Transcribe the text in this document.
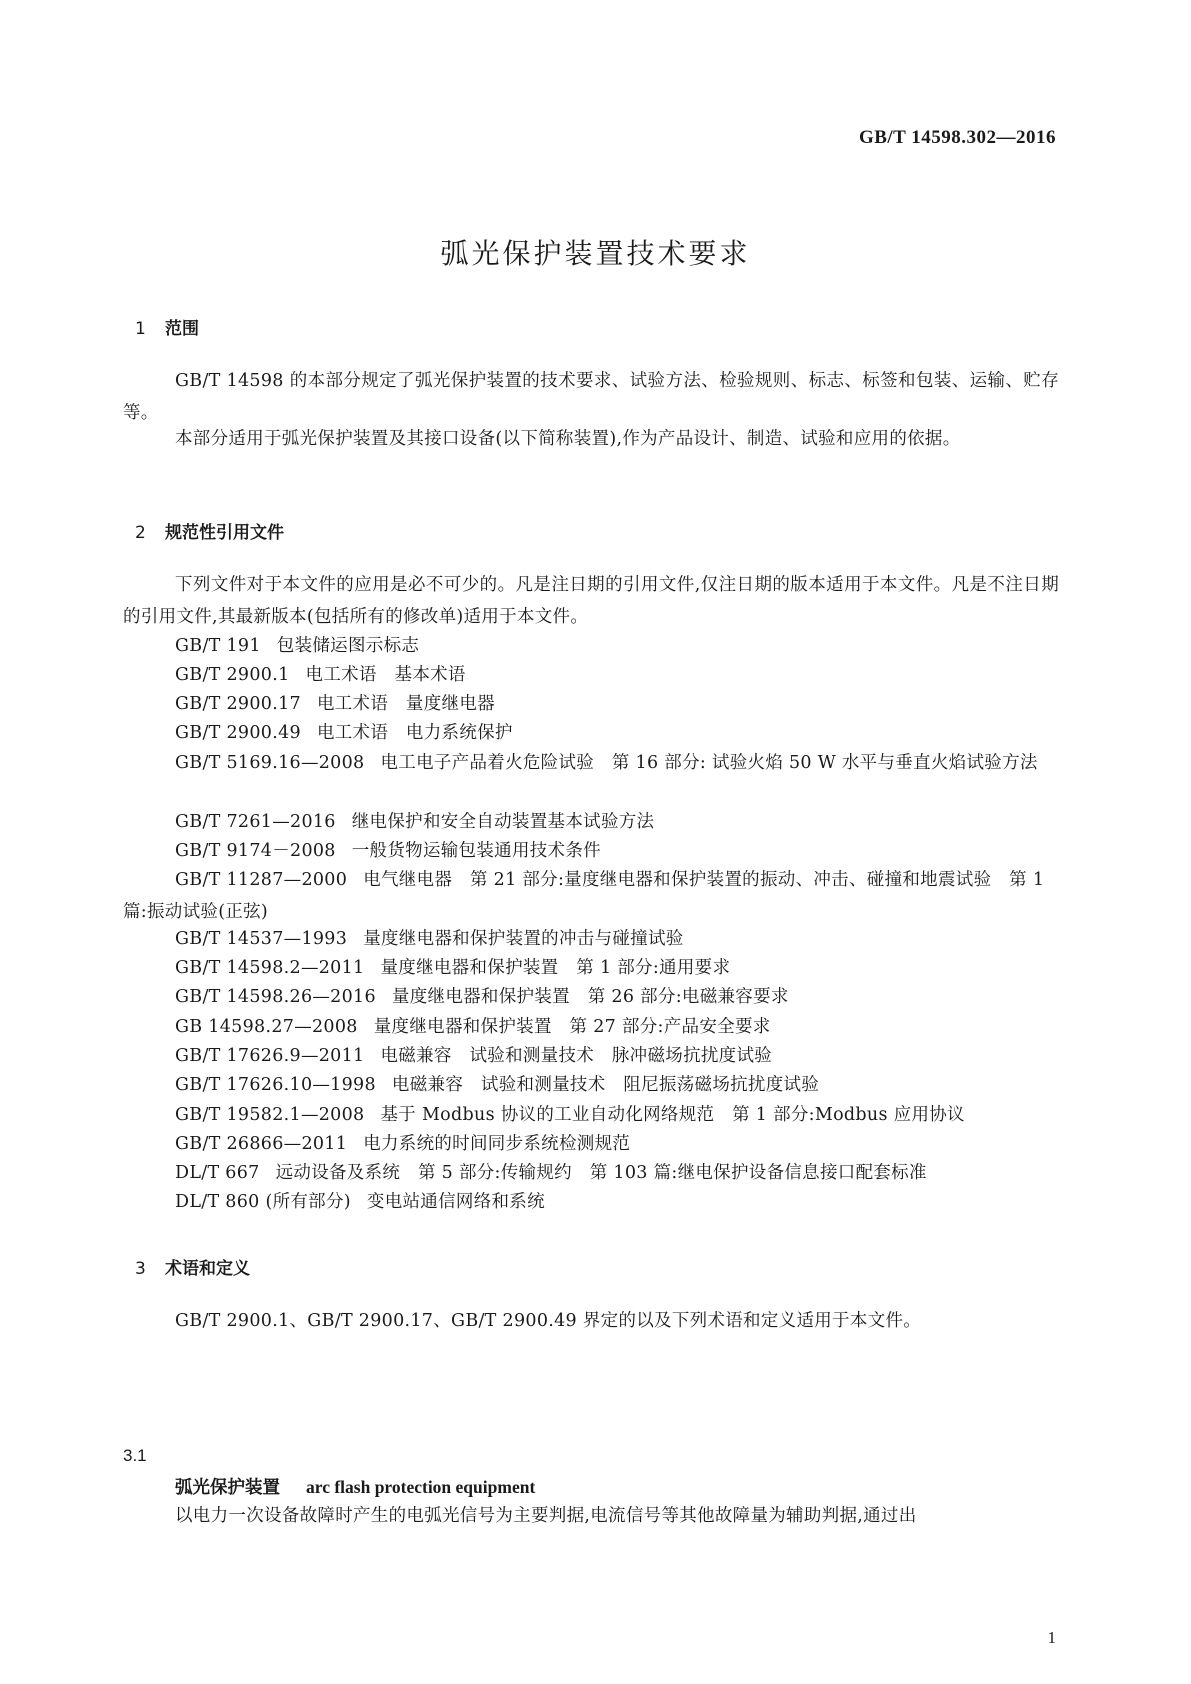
GB/T 14598.302—2016
弧光保护装置技术要求
1 范围
GB/T 14598 的本部分规定了弧光保护装置的技术要求、试验方法、检验规则、标志、标签和包装、运输、贮存等。
本部分适用于弧光保护装置及其接口设备(以下简称装置),作为产品设计、制造、试验和应用的依据。
2 规范性引用文件
下列文件对于本文件的应用是必不可少的。凡是注日期的引用文件,仅注日期的版本适用于本文件。凡是不注日期的引用文件,其最新版本(包括所有的修改单)适用于本文件。
GB/T 191 包装储运图示标志
GB/T 2900.1 电工术语　基本术语
GB/T 2900.17 电工术语　量度继电器
GB/T 2900.49 电工术语　电力系统保护
GB/T 5169.16—2008 电工电子产品着火危险试验　第 16 部分: 试验火焰 50 W 水平与垂直火焰试验方法
GB/T 7261—2016 继电保护和安全自动装置基本试验方法
GB/T 9174－2008 一般货物运输包装通用技术条件
GB/T 11287—2000 电气继电器　第 21 部分:量度继电器和保护装置的振动、冲击、碰撞和地震试验　第 1 篇:振动试验(正弦)
GB/T 14537—1993 量度继电器和保护装置的冲击与碰撞试验
GB/T 14598.2—2011 量度继电器和保护装置　第 1 部分:通用要求
GB/T 14598.26—2016 量度继电器和保护装置　第 26 部分:电磁兼容要求
GB 14598.27—2008 量度继电器和保护装置　第 27 部分:产品安全要求
GB/T 17626.9—2011 电磁兼容　试验和测量技术　脉冲磁场抗扰度试验
GB/T 17626.10—1998 电磁兼容　试验和测量技术　阻尼振荡磁场抗扰度试验
GB/T 19582.1—2008 基于 Modbus 协议的工业自动化网络规范　第 1 部分:Modbus 应用协议
GB/T 26866—2011 电力系统的时间同步系统检测规范
DL/T 667 远动设备及系统　第 5 部分:传输规约　第 103 篇:继电保护设备信息接口配套标准
DL/T 860 (所有部分) 变电站通信网络和系统
3 术语和定义
GB/T 2900.1、GB/T 2900.17、GB/T 2900.49 界定的以及下列术语和定义适用于本文件。
3.1
弧光保护装置 arc flash protection equipment
以电力一次设备故障时产生的电弧光信号为主要判据,电流信号等其他故障量为辅助判据,通过出
1
